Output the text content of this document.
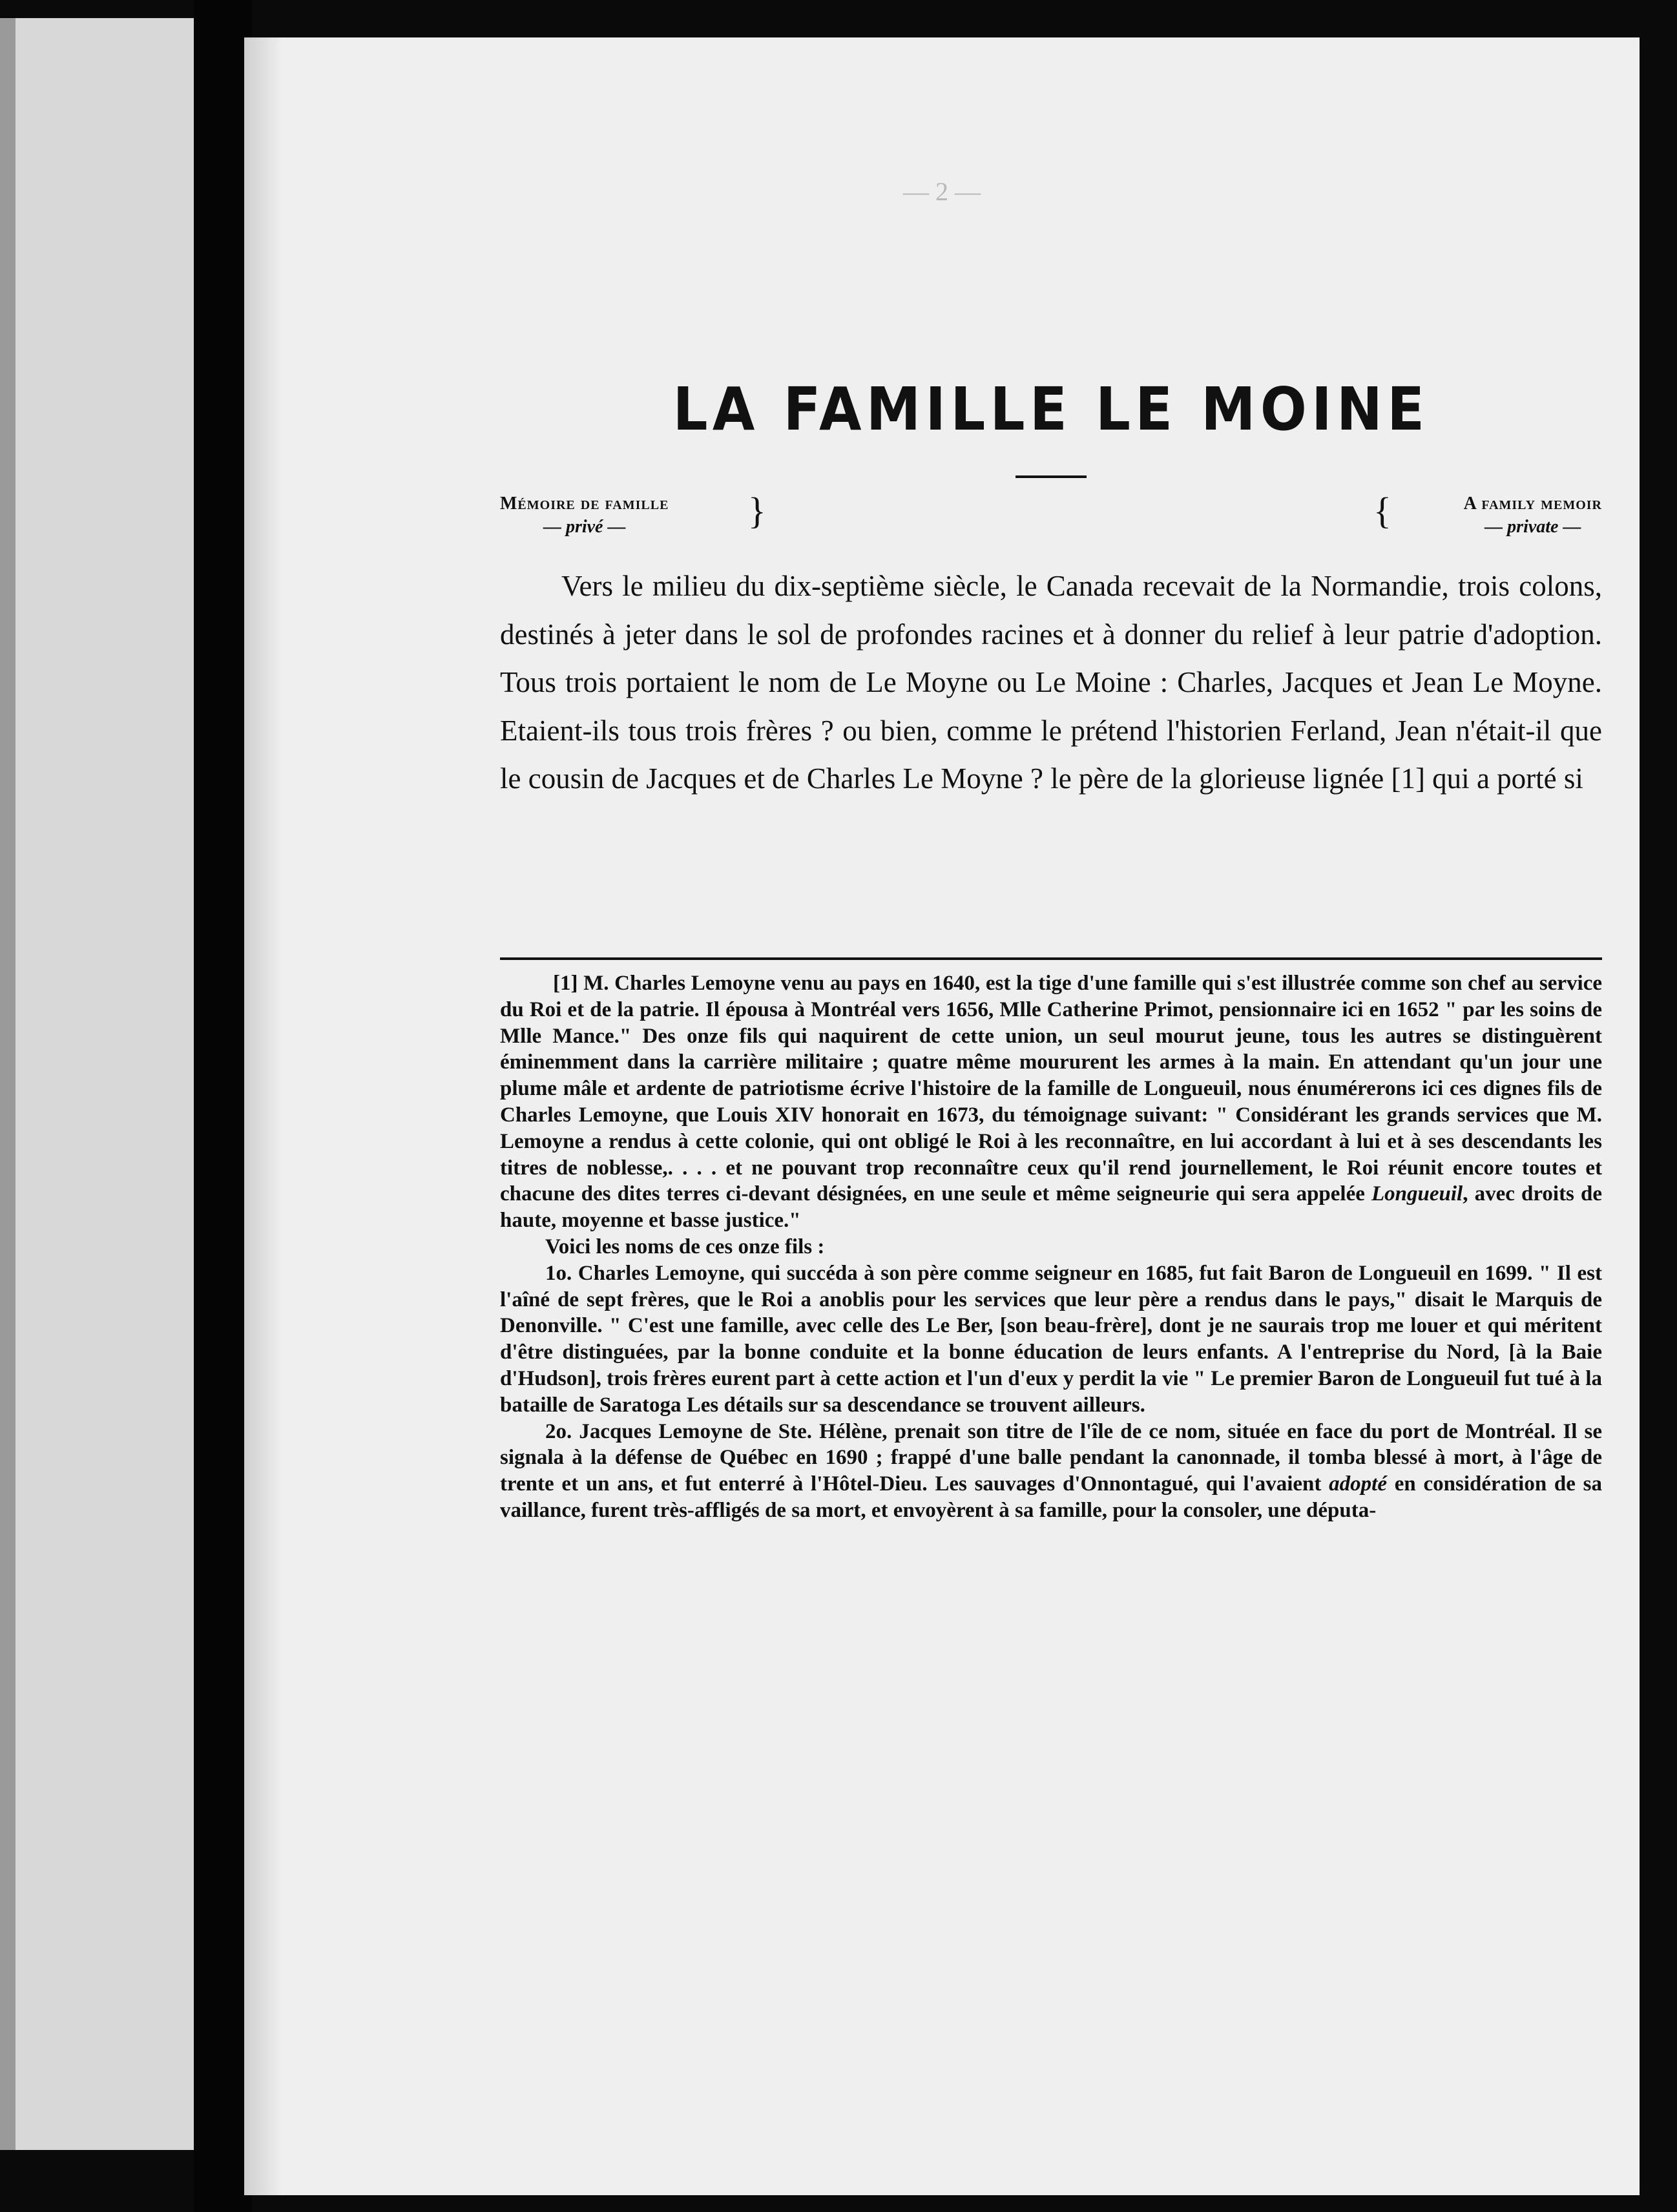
— 2 —
LA FAMILLE LE MOINE
Mémoire de famille
— privé —	}	{	A family memoir
— private —

Vers le milieu du dix-septième siècle, le Canada recevait de la Normandie, trois colons, destinés à jeter dans le sol de profondes racines et à donner du relief à leur patrie d'adoption. Tous trois portaient le nom de Le Moyne ou Le Moine : Charles, Jacques et Jean Le Moyne. Etaient-ils tous trois frères ? ou bien, comme le prétend l'historien Ferland, Jean n'était-il que le cousin de Jacques et de Charles Le Moyne ? le père de la glorieuse lignée [1] qui a porté si

[1] M. Charles Lemoyne venu au pays en 1640, est la tige d'une famille qui s'est illustrée comme son chef au service du Roi et de la patrie. Il épousa à Montréal vers 1656, Mlle Catherine Primot, pensionnaire ici en 1652 " par les soins de Mlle Mance." Des onze fils qui naquirent de cette union, un seul mourut jeune, tous les autres se distinguèrent éminemment dans la carrière militaire ; quatre même moururent les armes à la main. En attendant qu'un jour une plume mâle et ardente de patriotisme écrive l'histoire de la famille de Longueuil, nous énumérerons ici ces dignes fils de Charles Lemoyne, que Louis XIV honorait en 1673, du témoignage suivant: " Considérant les grands services que M. Lemoyne a rendus à cette colonie, qui ont obligé le Roi à les reconnaître, en lui accordant à lui et à ses descendants les titres de noblesse,. . . . et ne pouvant trop reconnaître ceux qu'il rend journellement, le Roi réunit encore toutes et chacune des dites terres ci-devant désignées, en une seule et même seigneurie qui sera appelée Longueuil, avec droits de haute, moyenne et basse justice."

Voici les noms de ces onze fils :

1o. Charles Lemoyne, qui succéda à son père comme seigneur en 1685, fut fait Baron de Longueuil en 1699. " Il est l'aîné de sept frères, que le Roi a anoblis pour les services que leur père a rendus dans le pays," disait le Marquis de Denonville. " C'est une famille, avec celle des Le Ber, [son beau-frère], dont je ne saurais trop me louer et qui méritent d'être distinguées, par la bonne conduite et la bonne éducation de leurs enfants. A l'entreprise du Nord, [à la Baie d'Hudson], trois frères eurent part à cette action et l'un d'eux y perdit la vie " Le premier Baron de Longueuil fut tué à la bataille de Saratoga Les détails sur sa descendance se trouvent ailleurs.

2o. Jacques Lemoyne de Ste. Hélène, prenait son titre de l'île de ce nom, située en face du port de Montréal. Il se signala à la défense de Québec en 1690 ; frappé d'une balle pendant la canonnade, il tomba blessé à mort, à l'âge de trente et un ans, et fut enterré à l'Hôtel-Dieu. Les sauvages d'Onnontagué, qui l'avaient adopté en considération de sa vaillance, furent très-affligés de sa mort, et envoyèrent à sa famille, pour la consoler, une députa-
